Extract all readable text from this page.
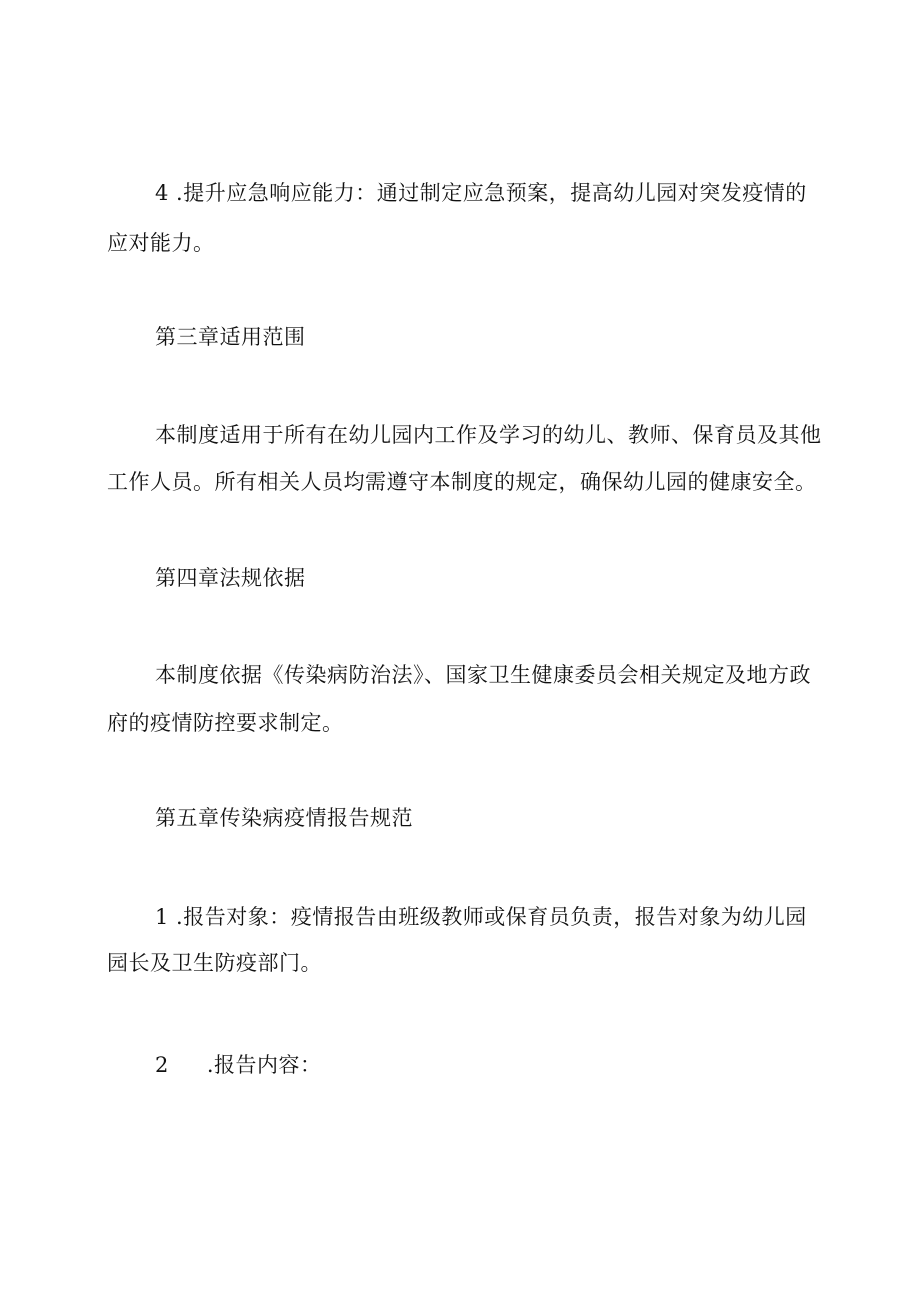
4 .提升应急响应能力：通过制定应急预案，提高幼儿园对突发疫情的
应对能力。
第三章适用范围
本制度适用于所有在幼儿园内工作及学习的幼儿、教师、保育员及其他
工作人员。所有相关人员均需遵守本制度的规定，确保幼儿园的健康安全。
第四章法规依据
本制度依据《传染病防治法》、国家卫生健康委员会相关规定及地方政
府的疫情防控要求制定。
第五章传染病疫情报告规范
1 .报告对象：疫情报告由班级教师或保育员负责，报告对象为幼儿园
园长及卫生防疫部门。
2 .报告内容：
